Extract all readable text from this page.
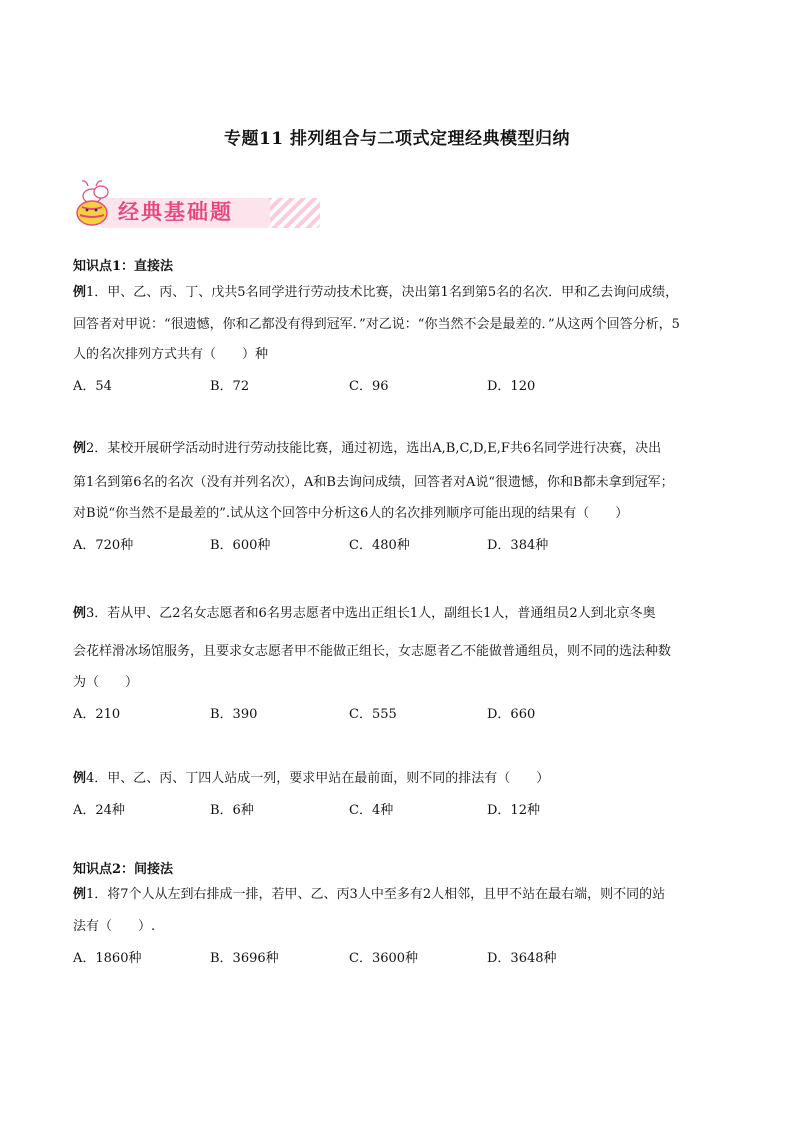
专题11 排列组合与二项式定理经典模型归纳
经典基础题
知识点1：直接法
例1．甲、乙、丙、丁、戊共5名同学进行劳动技术比赛，决出第1名到第5名的名次．甲和乙去询问成绩，
回答者对甲说：“很遗憾，你和乙都没有得到冠军．”对乙说：“你当然不会是最差的．”从这两个回答分析，5
人的名次排列方式共有（　　）种
A．54	B．72	C．96	D．120
例2．某校开展研学活动时进行劳动技能比赛，通过初选，选出A,B,C,D,E,F共6名同学进行决赛，决出
第1名到第6名的名次（没有并列名次），A和B去询问成绩，回答者对A说“很遗憾，你和B都未拿到冠军；
对B说“你当然不是最差的”.试从这个回答中分析这6人的名次排列顺序可能出现的结果有（　　）
A．720种	B．600种	C．480种	D．384种
例3．若从甲、乙2名女志愿者和6名男志愿者中选出正组长1人，副组长1人，普通组员2人到北京冬奥
会花样滑冰场馆服务，且要求女志愿者甲不能做正组长，女志愿者乙不能做普通组员，则不同的选法种数
为（　　）
A．210	B．390	C．555	D．660
例4．甲、乙、丙、丁四人站成一列，要求甲站在最前面，则不同的排法有（　　）
A．24种	B．6种	C．4种	D．12种
知识点2：间接法
例1．将7个人从左到右排成一排，若甲、乙、丙3人中至多有2人相邻，且甲不站在最右端，则不同的站
法有（　　）.
A．1860种	B．3696种	C．3600种	D．3648种
